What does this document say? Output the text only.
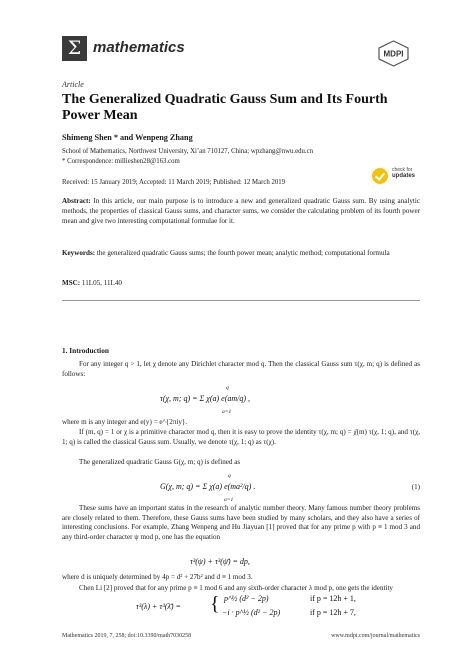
Σ mathematics	MDPI
Article
The Generalized Quadratic Gauss Sum and Its Fourth Power Mean
Shimeng Shen * and Wenpeng Zhang
School of Mathematics, Northwest University, Xi’an 710127, China; wpzhang@nwu.edu.cn
* Correspondence: millieshen28@163.com
Received: 15 January 2019; Accepted: 11 March 2019; Published: 12 March 2019
check for
updates
Abstract: In this article, our main purpose is to introduce a new and generalized quadratic Gauss sum. By using analytic methods, the properties of classical Gauss sums, and character sums, we consider the calculating problem of its fourth power mean and give two interesting computational formulae for it.
Keywords: the generalized quadratic Gauss sums; the fourth power mean; analytic method; computational formula
MSC: 11L05, 11L40
1. Introduction
For any integer q > 1, let χ denote any Dirichlet character mod q. Then the classical Gauss sum τ(χ, m; q) is defined as follows:
τ(χ, m; q) = Σ χ(a) e(am/q) ,
q
a=1
where m is any integer and e(y) = e^{2πiy}.
If (m, q) = 1 or χ is a primitive character mod q, then it is easy to prove the identity τ(χ, m; q) = χ̄(m) τ(χ, 1; q), and τ(χ, 1; q) is called the classical Gauss sum. Usually, we denote τ(χ, 1; q) as τ(χ).
The generalized quadratic Gauss G(χ, m; q) is defined as
G(χ, m; q) = Σ χ(a) e(ma²/q) .
q
a=1
(1)
These sums have an important status in the research of analytic number theory. Many famous number theory problems are closely related to them. Therefore, these Gauss sums have been studied by many scholars, and they also have a series of interesting conclusions. For example, Zhang Wenpeng and Hu Jiayuan [1] proved that for any prime p with p ≡ 1 mod 3 and any third-order character ψ mod p, one has the equation
τ³(ψ) + τ³(ψ̄) = dp,
where d is uniquely determined by 4p = d² + 27b² and d ≡ 1 mod 3.
Chen Li [2] proved that for any prime p ≡ 1 mod 6 and any sixth-order character λ mod p, one gets the identity
τ³(λ) + τ³(λ̄) = { p^½ (d² − 2p)	if p = 12h + 1,
−i · p^½ (d² − 2p)	if p = 12h + 7,
Mathematics 2019, 7, 258; doi:10.3390/math7030258	www.mdpi.com/journal/mathematics
